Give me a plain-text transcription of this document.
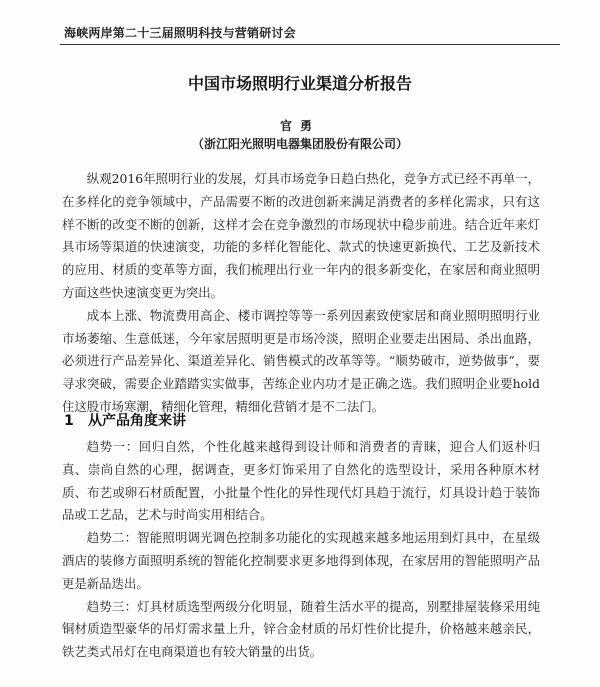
海峡两岸第二十三届照明科技与营销研讨会
中国市场照明行业渠道分析报告
官勇
（浙江阳光照明电器集团股份有限公司）

纵观2016年照明行业的发展，灯具市场竞争日趋白热化，竞争方式已经不再单一，在多样化的竞争领域中，产品需要不断的改进创新来满足消费者的多样化需求，只有这样不断的改变不断的创新，这样才会在竞争激烈的市场现状中稳步前进。结合近年来灯具市场等渠道的快速演变，功能的多样化智能化、款式的快速更新换代、工艺及新技术的应用、材质的变革等方面，我们梳理出行业一年内的很多新变化，在家居和商业照明方面这些快速演变更为突出。

成本上涨、物流费用高企、楼市调控等等一系列因素致使家居和商业照明照明行业市场萎缩、生意低迷，今年家居照明更是市场冷淡，照明企业要走出困局、杀出血路，必须进行产品差异化、渠道差异化、销售模式的改革等等。“顺势破市，逆势做事”，要寻求突破，需要企业踏踏实实做事，苦练企业内功才是正确之选。我们照明企业要hold住这股市场寒潮，精细化管理，精细化营销才是不二法门。

1 从产品角度来讲

趋势一：回归自然，个性化越来越得到设计师和消费者的青睐，迎合人们返朴归真、崇尚自然的心理，据调查，更多灯饰采用了自然化的选型设计，采用各种原木材质、布艺或卵石材质配置，小批量个性化的异性现代灯具趋于流行，灯具设计趋于装饰品或工艺品，艺术与时尚实用相结合。

趋势二：智能照明调光调色控制多功能化的实现越来越多地运用到灯具中，在星级酒店的装修方面照明系统的智能化控制要求更多地得到体现，在家居用的智能照明产品更是新品迭出。

趋势三：灯具材质选型两级分化明显，随着生活水平的提高，别墅排屋装修采用纯铜材质造型豪华的吊灯需求量上升，锌合金材质的吊灯性价比提升，价格越来越亲民，铁艺类式吊灯在电商渠道也有较大销量的出货。
